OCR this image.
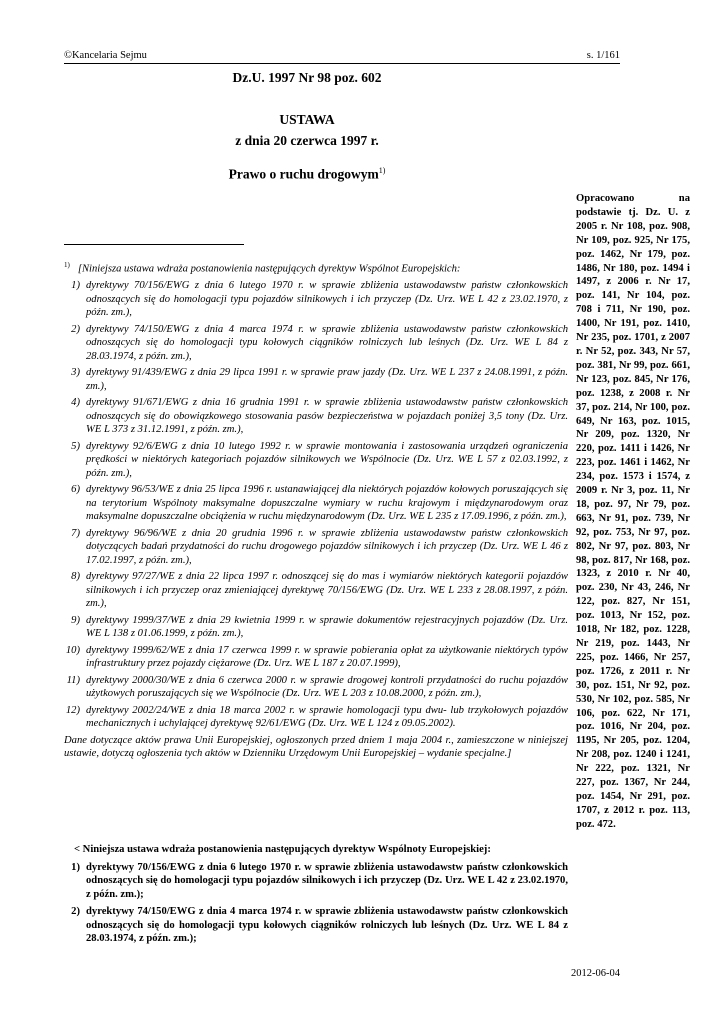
©Kancelaria Sejmu	s. 1/161
Dz.U. 1997 Nr 98 poz. 602
USTAWA
z dnia 20 czerwca 1997 r.
Prawo o ruchu drogowym$^{1)}$
Opracowano na podstawie tj. Dz. U. z 2005 r. Nr 108, poz. 908, Nr 109, poz. 925, Nr 175, poz. 1462, Nr 179, poz. 1486, Nr 180, poz. 1494 i 1497, z 2006 r. Nr 17, poz. 141, Nr 104, poz. 708 i 711, Nr 190, poz. 1400, Nr 191, poz. 1410, Nr 235, poz. 1701, z 2007 r. Nr 52, poz. 343, Nr 57, poz. 381, Nr 99, poz. 661, Nr 123, poz. 845, Nr 176, poz. 1238, z 2008 r. Nr 37, poz. 214, Nr 100, poz. 649, Nr 163, poz. 1015, Nr 209, poz. 1320, Nr 220, poz. 1411 i 1426, Nr 223, poz. 1461 i 1462, Nr 234, poz. 1573 i 1574, z 2009 r. Nr 3, poz. 11, Nr 18, poz. 97, Nr 79, poz. 663, Nr 91, poz. 739, Nr 92, poz. 753, Nr 97, poz. 802, Nr 97, poz. 803, Nr 98, poz. 817, Nr 168, poz. 1323, z 2010 r. Nr 40, poz. 230, Nr 43, 246, Nr 122, poz. 827, Nr 151, poz. 1013, Nr 152, poz. 1018, Nr 182, poz. 1228, Nr 219, poz. 1443, Nr 225, poz. 1466, Nr 257, poz. 1726, z 2011 r. Nr 30, poz. 151, Nr 92, poz. 530, Nr 102, poz. 585, Nr 106, poz. 622, Nr 171, poz. 1016, Nr 204, poz. 1195, Nr 205, poz. 1204, Nr 208, poz. 1240 i 1241, Nr 222, poz. 1321, Nr 227, poz. 1367, Nr 244, poz. 1454, Nr 291, poz. 1707, z 2012 r. poz. 113, poz. 472.

$^{1)}$ [Niniejsza ustawa wdraża postanowienia następujących dyrektyw Wspólnot Europejskich:

1) dyrektywy 70/156/EWG z dnia 6 lutego 1970 r. w sprawie zbliżenia ustawodawstw państw członkowskich odnoszących się do homologacji typu pojazdów silnikowych i ich przyczep (Dz. Urz. WE L 42 z 23.02.1970, z późn. zm.),
2) dyrektywy 74/150/EWG z dnia 4 marca 1974 r. w sprawie zbliżenia ustawodawstw państw członkowskich odnoszących się do homologacji typu kołowych ciągników rolniczych lub leśnych (Dz. Urz. WE L 84 z 28.03.1974, z późn. zm.),
3) dyrektywy 91/439/EWG z dnia 29 lipca 1991 r. w sprawie praw jazdy (Dz. Urz. WE L 237 z 24.08.1991, z późn. zm.),
4) dyrektywy 91/671/EWG z dnia 16 grudnia 1991 r. w sprawie zbliżenia ustawodawstw państw członkowskich odnoszących się do obowiązkowego stosowania pasów bezpieczeństwa w pojazdach poniżej 3,5 tony (Dz. Urz. WE L 373 z 31.12.1991, z późn. zm.),
5) dyrektywy 92/6/EWG z dnia 10 lutego 1992 r. w sprawie montowania i zastosowania urządzeń ograniczenia prędkości w niektórych kategoriach pojazdów silnikowych we Wspólnocie (Dz. Urz. WE L 57 z 02.03.1992, z późn. zm.),
6) dyrektywy 96/53/WE z dnia 25 lipca 1996 r. ustanawiającej dla niektórych pojazdów kołowych poruszających się na terytorium Wspólnoty maksymalne dopuszczalne wymiary w ruchu krajowym i międzynarodowym oraz maksymalne dopuszczalne obciążenia w ruchu międzynarodowym (Dz. Urz. WE L 235 z 17.09.1996, z późn. zm.),
7) dyrektywy 96/96/WE z dnia 20 grudnia 1996 r. w sprawie zbliżenia ustawodawstw państw członkowskich dotyczących badań przydatności do ruchu drogowego pojazdów silnikowych i ich przyczep (Dz. Urz. WE L 46 z 17.02.1997, z późn. zm.),
8) dyrektywy 97/27/WE z dnia 22 lipca 1997 r. odnoszącej się do mas i wymiarów niektórych kategorii pojazdów silnikowych i ich przyczep oraz zmieniającej dyrektywę 70/156/EWG (Dz. Urz. WE L 233 z 28.08.1997, z późn. zm.),
9) dyrektywy 1999/37/WE z dnia 29 kwietnia 1999 r. w sprawie dokumentów rejestracyjnych pojazdów (Dz. Urz. WE L 138 z 01.06.1999, z późn. zm.),
10) dyrektywy 1999/62/WE z dnia 17 czerwca 1999 r. w sprawie pobierania opłat za użytkowanie niektórych typów infrastruktury przez pojazdy ciężarowe (Dz. Urz. WE L 187 z 20.07.1999),
11) dyrektywy 2000/30/WE z dnia 6 czerwca 2000 r. w sprawie drogowej kontroli przydatności do ruchu pojazdów użytkowych poruszających się we Wspólnocie (Dz. Urz. WE L 203 z 10.08.2000, z późn. zm.),
12) dyrektywy 2002/24/WE z dnia 18 marca 2002 r. w sprawie homologacji typu dwu- lub trzykołowych pojazdów mechanicznych i uchylającej dyrektywę 92/61/EWG (Dz. Urz. WE L 124 z 09.05.2002).

Dane dotyczące aktów prawa Unii Europejskiej, ogłoszonych przed dniem 1 maja 2004 r., zamieszczone w niniejszej ustawie, dotyczą ogłoszenia tych aktów w Dzienniku Urzędowym Unii Europejskiej – wydanie specjalne.]

< Niniejsza ustawa wdraża postanowienia następujących dyrektyw Wspólnoty Europejskiej:

1) dyrektywy 70/156/EWG z dnia 6 lutego 1970 r. w sprawie zbliżenia ustawodawstw państw członkowskich odnoszących się do homologacji typu pojazdów silnikowych i ich przyczep (Dz. Urz. WE L 42 z 23.02.1970, z późn. zm.);
2) dyrektywy 74/150/EWG z dnia 4 marca 1974 r. w sprawie zbliżenia ustawodawstw państw członkowskich odnoszących się do homologacji typu kołowych ciągników rolniczych lub leśnych (Dz. Urz. WE L 84 z 28.03.1974, z późn. zm.);
2012-06-04
